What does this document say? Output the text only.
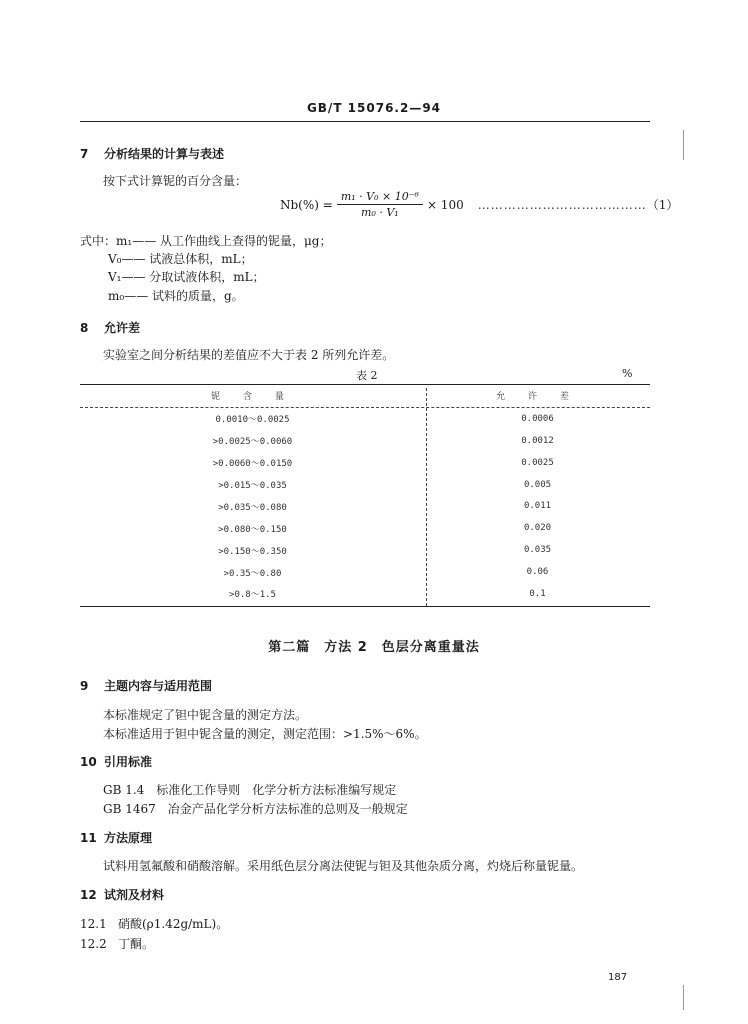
GB/T 15076.2—94
7 分析结果的计算与表述
按下式计算铌的百分含量：
$Nb(\%) = \frac{\text{m₁ · V₀ × 10⁻⁶}}{\text{m₀ · V₁}} \times 100$ ………………………………… （1）
式中：m₁—— 从工作曲线上查得的铌量，μg；
V₀—— 试液总体积，mL；
V₁—— 分取试液体积，mL；
m₀—— 试料的质量，g。
8 允许差
实验室之间分析结果的差值应不大于表 2 所列允许差。
表 2	%
铌 含 量	允 许 差
0.0010～0.0025	0.0006
>0.0025～0.0060	0.0012
>0.0060～0.0150	0.0025
>0.015～0.035	0.005
>0.035～0.080	0.011
>0.080～0.150	0.020
>0.150～0.350	0.035
>0.35～0.80	0.06
>0.8～1.5	0.1
第二篇　方法 2　色层分离重量法
9 主题内容与适用范围
本标准规定了钽中铌含量的测定方法。
本标准适用于钽中铌含量的测定，测定范围：>1.5%～6%。
10 引用标准
GB 1.4　标准化工作导则　化学分析方法标准编写规定
GB 1467　冶金产品化学分析方法标准的总则及一般规定
11 方法原理
试料用氢氟酸和硝酸溶解。采用纸色层分离法使铌与钽及其他杂质分离，灼烧后称量铌量。
12 试剂及材料
12.1 硝酸(ρ1.42g/mL)。
12.2 丁酮。
187
